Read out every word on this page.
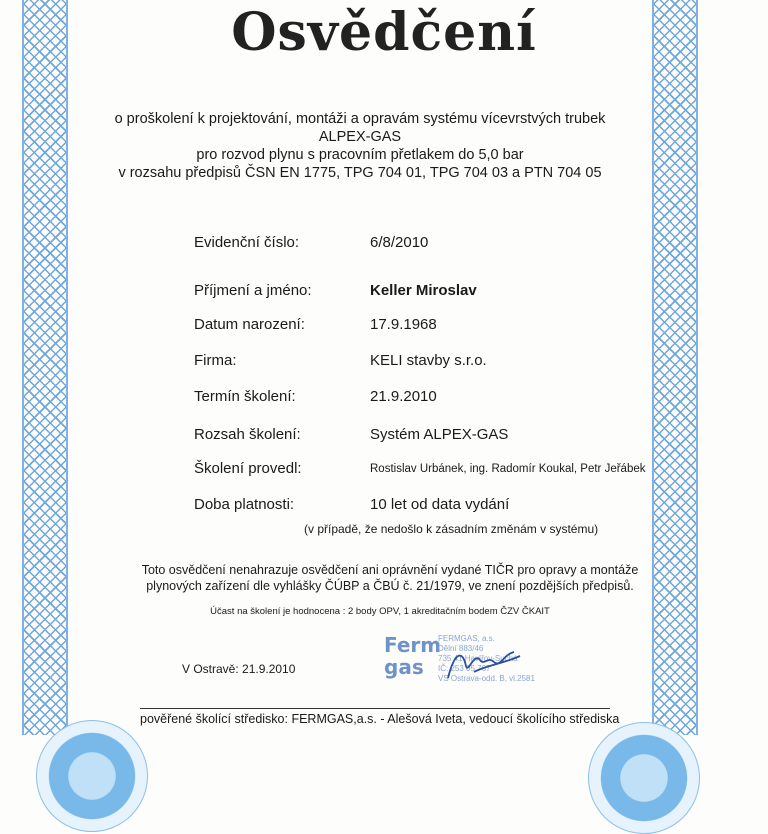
Osvědčení
o proškolení k projektování, montáži a opravám systému vícevrstvých trubek
ALPEX-GAS
pro rozvod plynu s pracovním přetlakem do 5,0 bar
v rozsahu předpisů ČSN EN 1775, TPG 704 01, TPG 704 03 a PTN 704 05
Evidenční číslo:	6/8/2010
Příjmení a jméno:	Keller Miroslav
Datum narození:	17.9.1968
Firma:	KELI stavby s.r.o.
Termín školení:	21.9.2010
Rozsah školení:	Systém ALPEX-GAS
Školení provedl:	Rostislav Urbánek, ing. Radomír Koukal, Petr Jeřábek
Doba platnosti:	10 let od data vydání
(v případě, že nedošlo k zásadním změnám v systému)
Toto osvědčení nenahrazuje osvědčení ani oprávnění vydané TIČR pro opravy a montáže
plynových zařízení dle vyhlášky ČÚBP a ČBÚ č. 21/1979, ve znení pozdějších předpisů.
Účast na školení je hodnocena : 2 body OPV, 1 akreditačním bodem ČZV ČKAIT
V Ostravě: 21.9.2010
Ferm
gas
FERMGAS, a.s.
Dělní 883/46
735 41 Havířov-Suchá
IČ: 253 05 767
VS Ostrava-odd. B, vl.2581
pověřené školící středisko: FERMGAS,a.s. - Alešová Iveta, vedoucí školícího střediska
